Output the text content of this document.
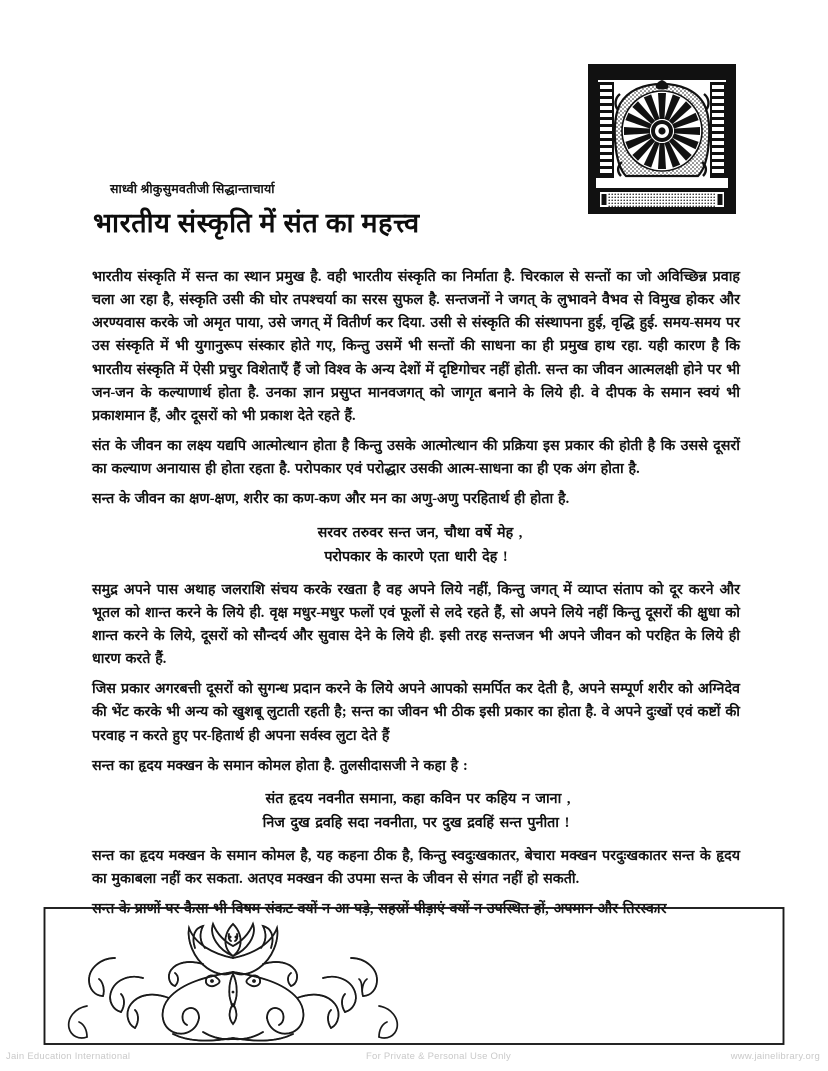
साध्वी श्रीकुसुमवतीजी सिद्धान्ताचार्या
भारतीय संस्कृति में संत का महत्त्व

भारतीय संस्कृति में सन्त का स्थान प्रमुख है. वही भारतीय संस्कृति का निर्माता है. चिरकाल से सन्तों का जो अविच्छिन्न प्रवाह चला आ रहा है, संस्कृति उसी की घोर तपश्चर्या का सरस सुफल है. सन्तजनों ने जगत् के लुभावने वैभव से विमुख होकर और अरण्यवास करके जो अमृत पाया, उसे जगत् में वितीर्ण कर दिया. उसी से संस्कृति की संस्थापना हुई, वृद्धि हुई. समय-समय पर उस संस्कृति में भी युगानुरूप संस्कार होते गए, किन्तु उसमें भी सन्तों की साधना का ही प्रमुख हाथ रहा. यही कारण है कि भारतीय संस्कृति में ऐसी प्रचुर विशेताएँ हैं जो विश्व के अन्य देशों में दृष्टिगोचर नहीं होती. सन्त का जीवन आत्मलक्षी होने पर भी जन-जन के कल्याणार्थ होता है. उनका ज्ञान प्रसुप्त मानवजगत् को जागृत बनाने के लिये ही. वे दीपक के समान स्वयं भी प्रकाशमान हैं, और दूसरों को भी प्रकाश देते रहते हैं.

संत के जीवन का लक्ष्य यद्यपि आत्मोत्थान होता है किन्तु उसके आत्मोत्थान की प्रक्रिया इस प्रकार की होती है कि उससे दूसरों का कल्याण अनायास ही होता रहता है. परोपकार एवं परोद्धार उसकी आत्म-साधना का ही एक अंग होता है.

सन्त के जीवन का क्षण-क्षण, शरीर का कण-कण और मन का अणु-अणु परहितार्थ ही होता है.

सरवर तरुवर सन्त जन, चौथा वर्षे मेह ,
परोपकार के कारणे एता धारी देह !

समुद्र अपने पास अथाह जलराशि संचय करके रखता है वह अपने लिये नहीं, किन्तु जगत् में व्याप्त संताप को दूर करने और भूतल को शान्त करने के लिये ही. वृक्ष मधुर-मधुर फलों एवं फूलों से लदे रहते हैं, सो अपने लिये नहीं किन्तु दूसरों की क्षुधा को शान्त करने के लिये, दूसरों को सौन्दर्य और सुवास देने के लिये ही. इसी तरह सन्तजन भी अपने जीवन को परहित के लिये ही धारण करते हैं.

जिस प्रकार अगरबत्ती दूसरों को सुगन्ध प्रदान करने के लिये अपने आपको समर्पित कर देती है, अपने सम्पूर्ण शरीर को अग्निदेव की भेंट करके भी अन्य को खुशबू लुटाती रहती है; सन्त का जीवन भी ठीक इसी प्रकार का होता है. वे अपने दुःखों एवं कष्टों की परवाह न करते हुए पर-हितार्थ ही अपना सर्वस्व लुटा देते हैं

सन्त का हृदय मक्खन के समान कोमल होता है. तुलसीदासजी ने कहा है :

संत हृदय नवनीत समाना, कहा कविन पर कहिय न जाना ,
निज दुख द्रवहि सदा नवनीता, पर दुख द्रवहिं सन्त पुनीता !

सन्त का हृदय मक्खन के समान कोमल है, यह कहना ठीक है, किन्तु स्वदुःखकातर, बेचारा मक्खन परदुःखकातर सन्त के हृदय का मुकाबला नहीं कर सकता. अतएव मक्खन की उपमा सन्त के जीवन से संगत नहीं हो सकती.

सन्त के प्राणों पर कैसा भी विषम संकट क्यों न आ पड़े, सहस्रों पीड़ाएं क्यों न उपस्थित हों, अपमान और तिरस्कार

Jain Education International	For Private & Personal Use Only	www.jainelibrary.org
